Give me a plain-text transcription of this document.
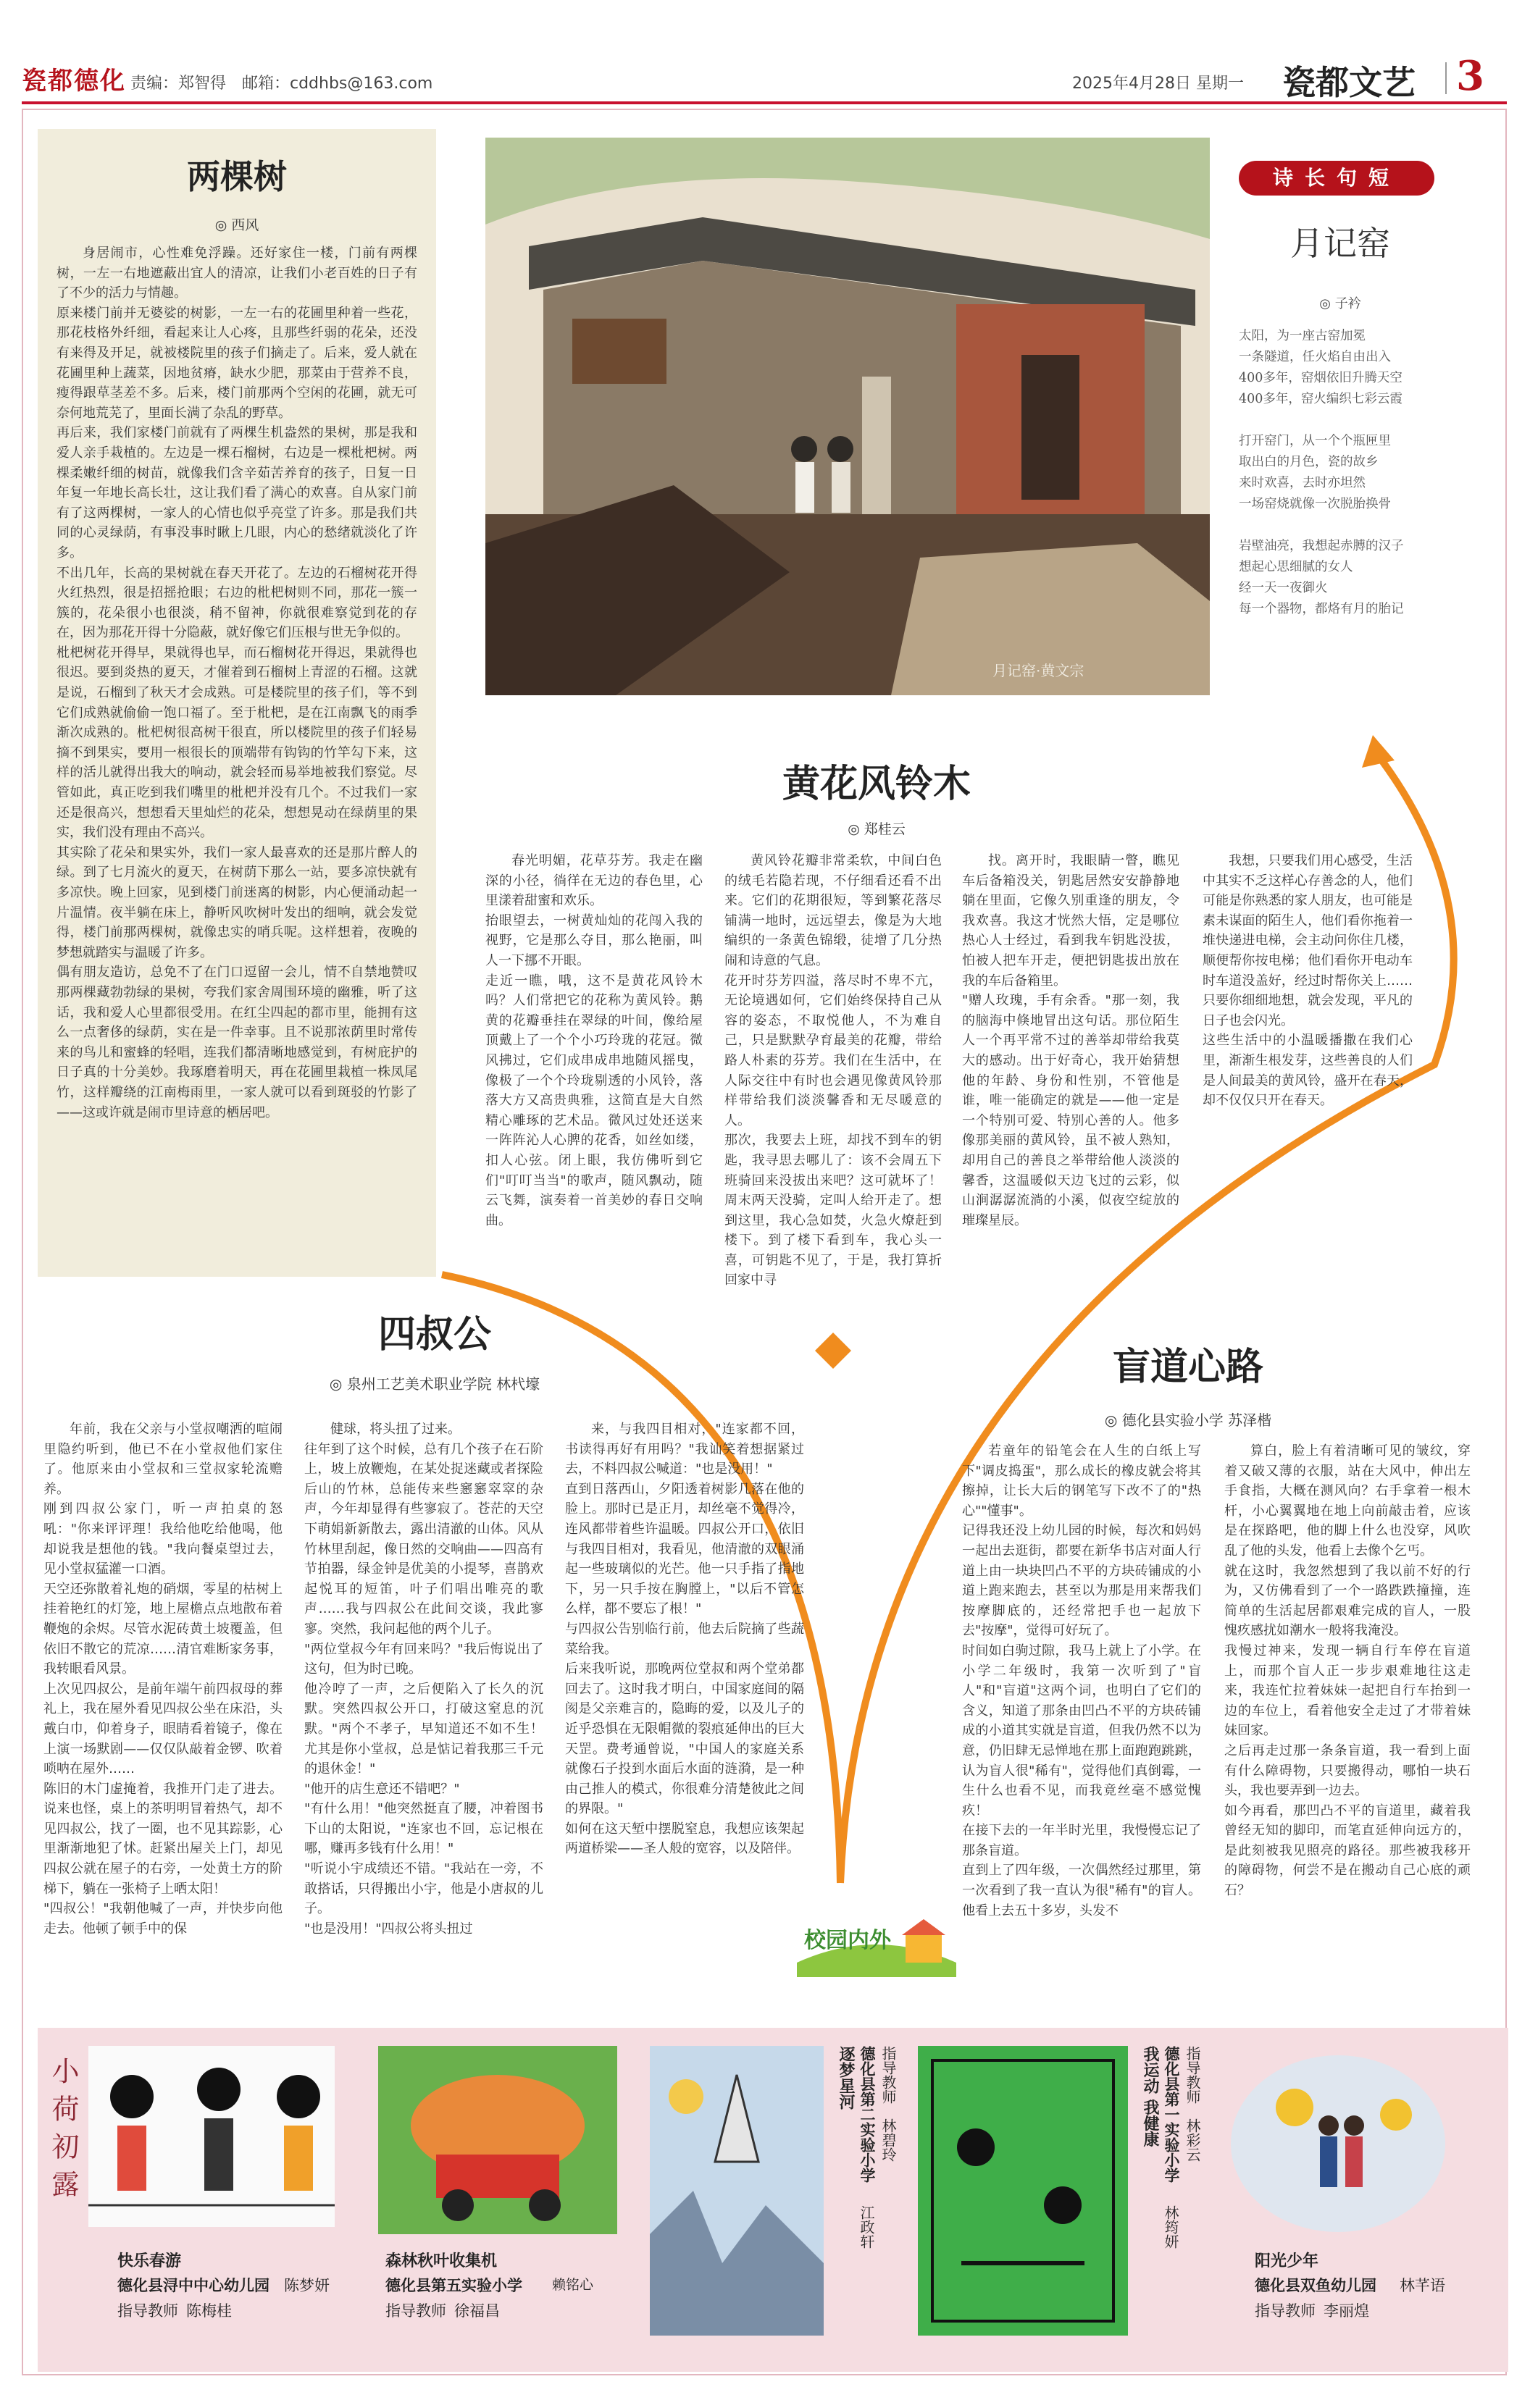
瓷都德化 责编：郑智得　邮箱：cddhbs@163.com	2025年4月28日 星期一 瓷都文艺 3
两棵树
◎ 西风
身居闹市，心性难免浮躁。还好家住一楼，门前有两棵树，一左一右地遮蔽出宜人的清凉，让我们小老百姓的日子有了不少的活力与情趣。
原来楼门前并无婆娑的树影，一左一右的花圃里种着一些花，那花枝格外纤细，看起来让人心疼，且那些纤弱的花朵，还没有来得及开足，就被楼院里的孩子们摘走了。后来，爱人就在花圃里种上蔬菜，因地贫瘠，缺水少肥，那菜由于营养不良，瘦得跟草茎差不多。后来，楼门前那两个空闲的花圃，就无可奈何地荒芜了，里面长满了杂乱的野草。
再后来，我们家楼门前就有了两棵生机盎然的果树，那是我和爱人亲手栽植的。左边是一棵石榴树，右边是一棵枇杷树。两棵柔嫩纤细的树苗，就像我们含辛茹苦养育的孩子，日复一日年复一年地长高长壮，这让我们看了满心的欢喜。自从家门前有了这两棵树，一家人的心情也似乎亮堂了许多。那是我们共同的心灵绿荫，有事没事时瞅上几眼，内心的愁绪就淡化了许多。
不出几年，长高的果树就在春天开花了。左边的石榴树花开得火红热烈，很是招摇抢眼；右边的枇杷树则不同，那花一簇一簇的，花朵很小也很淡，稍不留神，你就很难察觉到花的存在，因为那花开得十分隐蔽，就好像它们压根与世无争似的。
枇杷树花开得早，果就得也早，而石榴树花开得迟，果就得也很迟。要到炎热的夏天，才催着到石榴树上青涩的石榴。这就是说，石榴到了秋天才会成熟。可是楼院里的孩子们，等不到它们成熟就偷偷一饱口福了。至于枇杷，是在江南飘飞的雨季渐次成熟的。枇杷树很高树干很直，所以楼院里的孩子们轻易摘不到果实，要用一根很长的顶端带有钩钩的竹竿勾下来，这样的活儿就得出我大的响动，就会轻而易举地被我们察觉。尽管如此，真正吃到我们嘴里的枇杷并没有几个。不过我们一家还是很高兴，想想看天里灿烂的花朵，想想晃动在绿荫里的果实，我们没有理由不高兴。
其实除了花朵和果实外，我们一家人最喜欢的还是那片醉人的绿。到了七月流火的夏天，在树荫下那么一站，要多凉快就有多凉快。晚上回家，见到楼门前迷离的树影，内心便涌动起一片温情。夜半躺在床上，静听风吹树叶发出的细响，就会发觉得，楼门前那两棵树，就像忠实的哨兵呢。这样想着，夜晚的梦想就踏实与温暖了许多。
偶有朋友造访，总免不了在门口逗留一会儿，情不自禁地赞叹那两棵藏勃勃绿的果树，夸我们家舍周围环境的幽雅，听了这话，我和爱人心里都很受用。在红尘四起的都市里，能拥有这么一点奢侈的绿荫，实在是一件幸事。且不说那浓荫里时常传来的鸟儿和蜜蜂的轻唱，连我们都清晰地感觉到，有树庇护的日子真的十分美妙。我琢磨着明天，再在花圃里栽植一株凤尾竹，这样瓣绕的江南梅雨里，一家人就可以看到斑驳的竹影了——这或许就是闹市里诗意的栖居吧。
月记窑·黄文宗
诗长句短
月记窑
◎ 子衿
太阳，为一座古窑加冕
一条隧道，任火焰自由出入
400多年，窑烟依旧升腾天空
400多年，窑火编织七彩云霞

打开窑门，从一个个瓶匣里
取出白的月色，瓷的故乡
来时欢喜，去时亦坦然
一场窑烧就像一次脱胎换骨

岩壁油亮，我想起赤膊的汉子
想起心思细腻的女人
经一天一夜御火
每一个器物，都烙有月的胎记
黄花风铃木
◎ 郑桂云
春光明媚，花草芬芳。我走在幽深的小径，徜徉在无边的春色里，心里漾着甜蜜和欢乐。
抬眼望去，一树黄灿灿的花闯入我的视野，它是那么夺目，那么艳丽，叫人一下挪不开眼。
走近一瞧，哦，这不是黄花风铃木吗？人们常把它的花称为黄风铃。鹅黄的花瓣垂挂在翠绿的叶间，像给屋顶戴上了一个个小巧玲珑的花冠。微风拂过，它们成串成串地随风摇曳，像极了一个个玲珑剔透的小风铃，落落大方又高贵典雅，这简直是大自然精心雕琢的艺术品。微风过处还送来一阵阵沁人心脾的花香，如丝如缕，扣人心弦。闭上眼，我仿佛听到它们"叮叮当当"的歌声，随风飘动，随云飞舞，演奏着一首美妙的春日交响曲。
黄风铃花瓣非常柔软，中间白色的绒毛若隐若现，不仔细看还看不出来。它们的花期很短，等到繁花落尽铺满一地时，远远望去，像是为大地编织的一条黄色锦缎，徒增了几分热闹和诗意的气息。
花开时芬芳四溢，落尽时不卑不亢，无论境遇如何，它们始终保持自己从容的姿态，不取悦他人，不为难自己，只是默默孕育最美的花瓣，带给路人朴素的芬芳。我们在生活中，在人际交往中有时也会遇见像黄风铃那样带给我们淡淡馨香和无尽暖意的人。
那次，我要去上班，却找不到车的钥匙，我寻思去哪儿了：该不会周五下班骑回来没拔出来吧？这可就坏了！周末两天没骑，定叫人给开走了。想到这里，我心急如焚，火急火燎赶到楼下。到了楼下看到车，我心头一喜，可钥匙不见了，于是，我打算折回家中寻
找。离开时，我眼睛一瞥，瞧见车后备箱没关，钥匙居然安安静静地躺在里面，它像久别重逢的朋友，令我欢喜。我这才恍然大悟，定是哪位热心人士经过，看到我车钥匙没拔，怕被人把车开走，便把钥匙拔出放在我的车后备箱里。
"赠人玫瑰，手有余香。"那一刻，我的脑海中倏地冒出这句话。那位陌生人一个再平常不过的善举却带给我莫大的感动。出于好奇心，我开始猜想他的年龄、身份和性别，不管他是谁，唯一能确定的就是——他一定是一个特别可爱、特别心善的人。他多像那美丽的黄风铃，虽不被人熟知，却用自己的善良之举带给他人淡淡的馨香，这温暖似天边飞过的云彩，似山涧潺潺流淌的小溪，似夜空绽放的璀璨星辰。
我想，只要我们用心感受，生活中其实不乏这样心存善念的人，他们可能是你熟悉的家人朋友，也可能是素未谋面的陌生人，他们看你拖着一堆快递进电梯，会主动问你住几楼，顺便帮你按电梯；他们看你开电动车时车道没盖好，经过时帮你关上……只要你细细地想，就会发现，平凡的日子也会闪光。
这些生活中的小温暖播撒在我们心里，渐渐生根发芽，这些善良的人们是人间最美的黄风铃，盛开在春天，却不仅仅只开在春天。
四叔公
◎ 泉州工艺美术职业学院 林杙壕
年前，我在父亲与小堂叔嘲洒的喧闹里隐约听到，他已不在小堂叔他们家住了。他原来由小堂叔和三堂叔家轮流赡养。
刚到四叔公家门，听一声拍桌的怒吼："你来评评理！我给他吃给他喝，他却说我是想他的钱。"我向餐桌望过去，见小堂叔猛灌一口酒。
天空还弥散着礼炮的硝烟，零星的枯树上挂着艳红的灯笼，地上屋檐点点地散布着鞭炮的余烬。尽管水泥砖黄土坡覆盖，但依旧不散它的荒凉……清官难断家务事，我转眼看风景。
上次见四叔公，是前年端午前四叔母的葬礼上，我在屋外看见四叔公坐在床沿，头戴白巾，仰着身子，眼睛看着镜子，像在上演一场默剧——仅仅队敲着金锣、吹着唢呐在屋外……
陈旧的木门虚掩着，我推开门走了进去。说来也怪，桌上的茶明明冒着热气，却不见四叔公，找了一圈，也不见其踪影，心里渐渐地犯了怵。赶紧出屋关上门，却见四叔公就在屋子的右旁，一处黄土方的阶梯下，躺在一张椅子上晒太阳！
"四叔公！"我朝他喊了一声，并快步向他走去。他顿了顿手中的保
健球，将头扭了过来。
往年到了这个时候，总有几个孩子在石阶上，坡上放鞭炮，在某处捉迷藏或者探险后山的竹林，总能传来些窸窸窣窣的杂声，今年却显得有些寥寂了。苍茫的天空下萌娟新新散去，露出清澈的山体。风从竹林里刮起，像日然的交响曲——四高有节拍器，绿金钟是优美的小提琴，喜鹊欢起悦耳的短笛，叶子们唱出唯亮的歌声……我与四叔公在此间交谈，我此寥寥。突然，我问起他的两个儿子。
"两位堂叔今年有回来吗？"我后悔说出了这句，但为时已晚。
他冷哼了一声，之后便陷入了长久的沉默。突然四叔公开口，打破这窒息的沉默。"两个不孝子，早知道还不如不生！尤其是你小堂叔，总是惦记着我那三千元的退休金！"
"他开的店生意还不错吧？"
"有什么用！"他突然挺直了腰，冲着图书下山的太阳说，"连家也不回，忘记根在哪，赚再多钱有什么用！"
"听说小宇成绩还不错。"我站在一旁，不敢搭话，只得搬出小宇，他是小唐叔的儿子。
"也是没用！"四叔公将头扭过
来，与我四目相对，"连家都不回，书读得再好有用吗？"我讪笑着想据紧过去，不料四叔公喊道："也是没用！"
直到日落西山，夕阳透着树影几落在他的脸上。那时已是正月，却丝毫不觉得冷，连风都带着些许温暖。四叔公开口，依旧与我四目相对，我看见，他清澈的双眼涌起一些玻璃似的光芒。他一只手指了指地下，另一只手按在胸膛上，"以后不管怎么样，都不要忘了根！"
与四叔公告别临行前，他去后院摘了些蔬菜给我。
后来我听说，那晚两位堂叔和两个堂弟都回去了。这时我才明白，中国家庭间的隔阂是父亲难言的，隐晦的爱，以及儿子的近乎恐惧在无限帽微的裂痕延伸出的巨大天罡。费考通曾说，"中国人的家庭关系就像石子投到水面后水面的涟漪，是一种由己推人的模式，你很难分清楚彼此之间的界限。"
如何在这天堑中摆脱窒息，我想应该架起两道桥梁——圣人般的宽容，以及陪伴。
校园内外
盲道心路
◎ 德化县实验小学 苏泽楷
若童年的铅笔会在人生的白纸上写下"调皮捣蛋"，那么成长的橡皮就会将其擦掉，让长大后的钢笔写下改不了的"热心""懂事"。
记得我还没上幼儿园的时候，每次和妈妈一起出去逛街，都要在新华书店对面人行道上由一块块凹凸不平的方块砖铺成的小道上跑来跑去，甚至以为那是用来帮我们按摩脚底的，还经常把手也一起放下去"按摩"，觉得可好玩了。
时间如白驹过隙，我马上就上了小学。在小学二年级时，我第一次听到了"盲人"和"盲道"这两个词，也明白了它们的含义，知道了那条由凹凸不平的方块砖铺成的小道其实就是盲道，但我仍然不以为意，仍旧肆无忌惮地在那上面跑跑跳跳，认为盲人很"稀有"，觉得他们真倒霉，一生什么也看不见，而我竟丝毫不感觉愧疚！
在接下去的一年半时光里，我慢慢忘记了那条盲道。
直到上了四年级，一次偶然经过那里，第一次看到了我一直认为很"稀有"的盲人。他看上去五十多岁，头发不
算白，脸上有着清晰可见的皱纹，穿着又破又薄的衣服，站在大风中，伸出左手食指，大概在测风向？右手拿着一根木杆，小心翼翼地在地上向前敲击着，应该是在探路吧，他的脚上什么也没穿，风吹乱了他的头发，他看上去像个乞丐。
就在这时，我忽然想到了我以前不好的行为，又仿佛看到了一个一路跌跌撞撞，连简单的生活起居都艰难完成的盲人，一股愧疚感扰如潮水一般将我淹没。
我慢过神来，发现一辆自行车停在盲道上，而那个盲人正一步步艰难地往这走来，我连忙拉着妹妹一起把自行车抬到一边的车位上，看着他安全走过了才带着妹妹回家。
之后再走过那一条条盲道，我一看到上面有什么障碍物，只要搬得动，哪怕一块石头，我也要弄到一边去。
如今再看，那凹凸不平的盲道里，藏着我曾经无知的脚印，而笔直延伸向远方的，是此刻被我见照亮的路径。那些被我移开的障碍物，何尝不是在搬动自己心底的顽石？
小荷初露
快乐春游
德化县浔中中心幼儿园 陈梦妍
指导教师 陈梅桂
森林秋叶收集机
德化县第五实验小学 赖铭心
指导教师 徐福昌
逐梦星河 德化县第二实验小学
江政轩
指导教师
林碧玲	我运动 我健康 德化县第一实验小学
林筠妍
指导教师
林彩云
阳光少年
德化县双鱼幼儿园 林芊语
指导教师 李丽煌
